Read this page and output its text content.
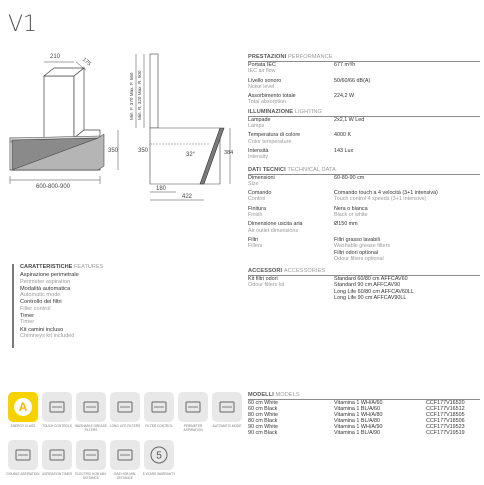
V1
210	175
350
600-800-900
Min. F. 370 Max. F. 560 Min. R. 320 Max. R. 500
350
32°	384
180
422
PRESTAZIONI PERFORMANCE
Portata IEC
IEC air flow
677 m³/h
Livello sonoro
Noise level
50/60/66 dB(A)
Assorbimento totale
Total absorption
224,2 W
ILLUMINAZIONE LIGHTING
Lampade
Lamps
2x2,1 W Led
Temperatura di colore
Color temperature
4000 K
Intensità
Intensity
143 Lux
DATI TECNICI TECHNICAL DATA
Dimensioni
Size
60-80-90 cm
Comando
Control
Comando touch a 4 velocità (3+1 intensiva)
Touch control 4 speeds (3+1 intensive)
Finitura
Finish
Nera o bianca
Black or white
Dimensione uscita aria
Air outlet dimensions
Ø150 mm
Filtri
Fillers
Filtri grasso lavabili
Washable grease filters
Filtri odori optional
Odour filters optional
ACCESSORI ACCESSORIES
Kit filtri odori
Odour filters kit
Standard 60/80 cm AFFCAV60
Standard 90 cm AFFCAV90
Long Life 60/80 cm AFFCAV60LL
Long Life 90 cm AFFCAV90LL
CARATTERISTICHE FEATURES
Aspirazione perimetrale
Perimeter aspiration
Modalità automatica
Automatic mode
Controllo dei filtri
Filler control
Timer
Timer
Kit camini incluso
Chimneys kit included
A
ENERGY CLASS	TOUCH CONTROLS WASHABLE GREASE FILTERS
LONG LIFE FILTERS	FILTER CONTROL	PERIMETER ASPIRATION
AUTOMATIC MODE
DOUBLE ASPIRATION ASPIRATION TIMER	ELECTRIC HOB MIN. DISTANCE
GAS HOB MIN. DISTANCE
5
5 YEARS WARRANTY
MODELLI MODELS
60 cm White	Vitamina 1 WH/A/60	CCF177V16520
60 cm Black	Vitamina 1 BL/A/60	CCF177V16512
80 cm White	Vitamina 1 WH/A/80	CCF177V18505
80 cm Black	Vitamina 1 BL/A/80	CCF177V18506
90 cm White	Vitamina 1 WH/A/90	CCF177V19523
90 cm Black	Vitamina 1 BL/A/90	CCF177V19519
